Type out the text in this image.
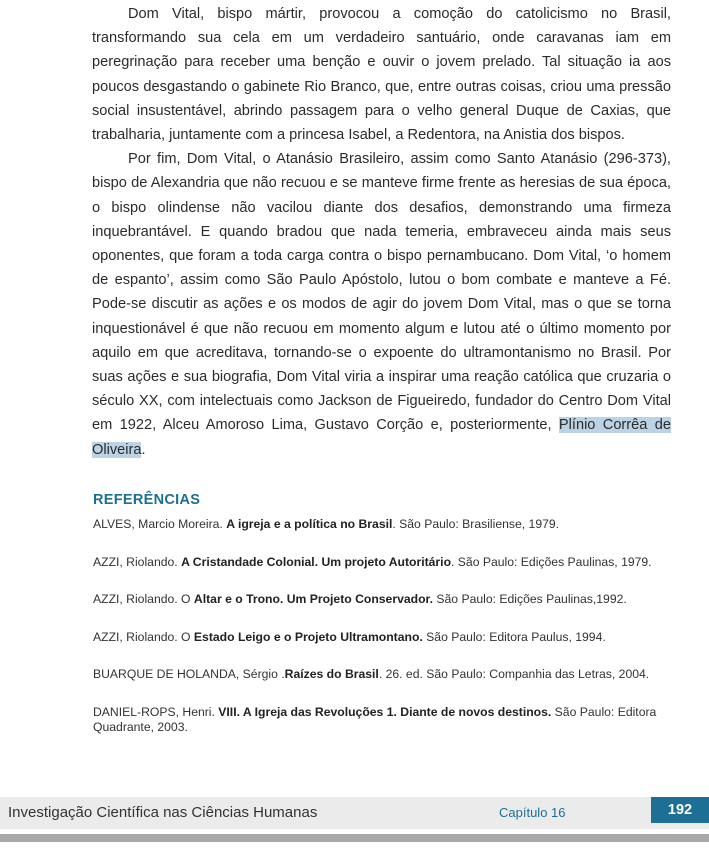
Dom Vital, bispo mártir, provocou a comoção do catolicismo no Brasil, transformando sua cela em um verdadeiro santuário, onde caravanas iam em peregrinação para receber uma benção e ouvir o jovem prelado. Tal situação ia aos poucos desgastando o gabinete Rio Branco, que, entre outras coisas, criou uma pressão social insustentável, abrindo passagem para o velho general Duque de Caxias, que trabalharia, juntamente com a princesa Isabel, a Redentora, na Anistia dos bispos.

Por fim, Dom Vital, o Atanásio Brasileiro, assim como Santo Atanásio (296-373), bispo de Alexandria que não recuou e se manteve firme frente as heresias de sua época, o bispo olindense não vacilou diante dos desafios, demonstrando uma firmeza inquebrantável. E quando bradou que nada temeria, embraveceu ainda mais seus oponentes, que foram a toda carga contra o bispo pernambucano. Dom Vital, ‘o homem de espanto’, assim como São Paulo Apóstolo, lutou o bom combate e manteve a Fé. Pode-se discutir as ações e os modos de agir do jovem Dom Vital, mas o que se torna inquestionável é que não recuou em momento algum e lutou até o último momento por aquilo em que acreditava, tornando-se o expoente do ultramontanismo no Brasil. Por suas ações e sua biografia, Dom Vital viria a inspirar uma reação católica que cruzaria o século XX, com intelectuais como Jackson de Figueiredo, fundador do Centro Dom Vital em 1922, Alceu Amoroso Lima, Gustavo Corção e, posteriormente, Plínio Corrêa de Oliveira.

REFERÊNCIAS

ALVES, Marcio Moreira. A igreja e a política no Brasil. São Paulo: Brasiliense, 1979.

AZZI, Riolando. A Cristandade Colonial. Um projeto Autoritário. São Paulo: Edições Paulinas, 1979.

AZZI, Riolando. O Altar e o Trono. Um Projeto Conservador. São Paulo: Edições Paulinas,1992.

AZZI, Riolando. O Estado Leigo e o Projeto Ultramontano. São Paulo: Editora Paulus, 1994.

BUARQUE DE HOLANDA, Sérgio .Raízes do Brasil. 26. ed. São Paulo: Companhia das Letras, 2004.

DANIEL-ROPS, Henri. VIII. A Igreja das Revoluções 1. Diante de novos destinos. São Paulo: Editora Quadrante, 2003.

Investigação Científica nas Ciências Humanas	Capítulo 16	192
